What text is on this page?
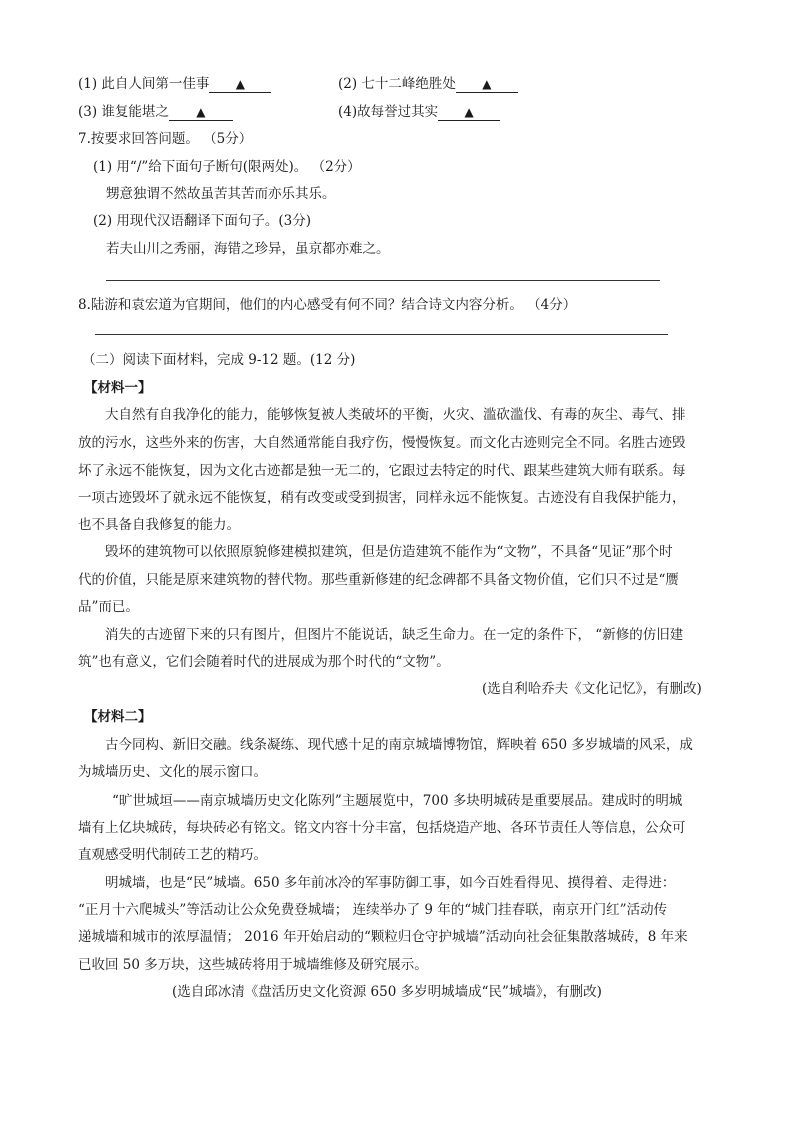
(1) 此自人间第一佳事 ▲	(2) 七十二峰绝胜处 ▲
(3) 谁复能堪之 ▲	(4)故每誉过其实 ▲
7.按要求回答问题。 （5分）
(1) 用“/”给下面句子断句(限两处)。 （2分）
甥意独谓不然故虽苦其苦而亦乐其乐。
(2) 用现代汉语翻译下面句子。(3分)
若夫山川之秀丽，海错之珍异，虽京都亦难之。
8.陆游和袁宏道为官期间，他们的内心感受有何不同？结合诗文内容分析。 （4分）
（二）阅读下面材料，完成 9-12 题。(12 分)
【材料一】
大自然有自我净化的能力，能够恢复被人类破坏的平衡，火灾、滥砍滥伐、有毒的灰尘、毒气、排
放的污水，这些外来的伤害，大自然通常能自我疗伤，慢慢恢复。而文化古迹则完全不同。名胜古迹毁
坏了永远不能恢复，因为文化古迹都是独一无二的，它跟过去特定的时代、跟某些建筑大师有联系。每
一项古迹毁坏了就永远不能恢复，稍有改变或受到损害，同样永远不能恢复。古迹没有自我保护能力，
也不具备自我修复的能力。
毁坏的建筑物可以依照原貌修建模拟建筑，但是仿造建筑不能作为“文物”，不具备“见证”那个时
代的价值，只能是原来建筑物的替代物。那些重新修建的纪念碑都不具备文物价值，它们只不过是“赝
品”而已。
消失的古迹留下来的只有图片，但图片不能说话，缺乏生命力。在一定的条件下， “新修的仿旧建
筑”也有意义，它们会随着时代的进展成为那个时代的“文物”。
(选自利哈乔夫《文化记忆》，有删改)
【材料二】
古今同构、新旧交融。线条凝练、现代感十足的南京城墙博物馆，辉映着 650 多岁城墙的风采，成
为城墙历史、文化的展示窗口。
“旷世城垣——南京城墙历史文化陈列”主题展览中，700 多块明城砖是重要展品。建成时的明城
墙有上亿块城砖，每块砖必有铭文。铭文内容十分丰富，包括烧造产地、各环节责任人等信息，公众可
直观感受明代制砖工艺的精巧。
明城墙，也是“民”城墙。650 多年前冰冷的军事防御工事，如今百姓看得见、摸得着、走得进：
“正月十六爬城头”等活动让公众免费登城墙； 连续举办了 9 年的“城门挂春联，南京开门红”活动传
递城墙和城市的浓厚温情； 2016 年开始启动的“颗粒归仓守护城墙”活动向社会征集散落城砖，8 年来
已收回 50 多万块，这些城砖将用于城墙维修及研究展示。
(选自邱冰清《盘活历史文化资源 650 多岁明城墙成“民”城墙》，有删改)
